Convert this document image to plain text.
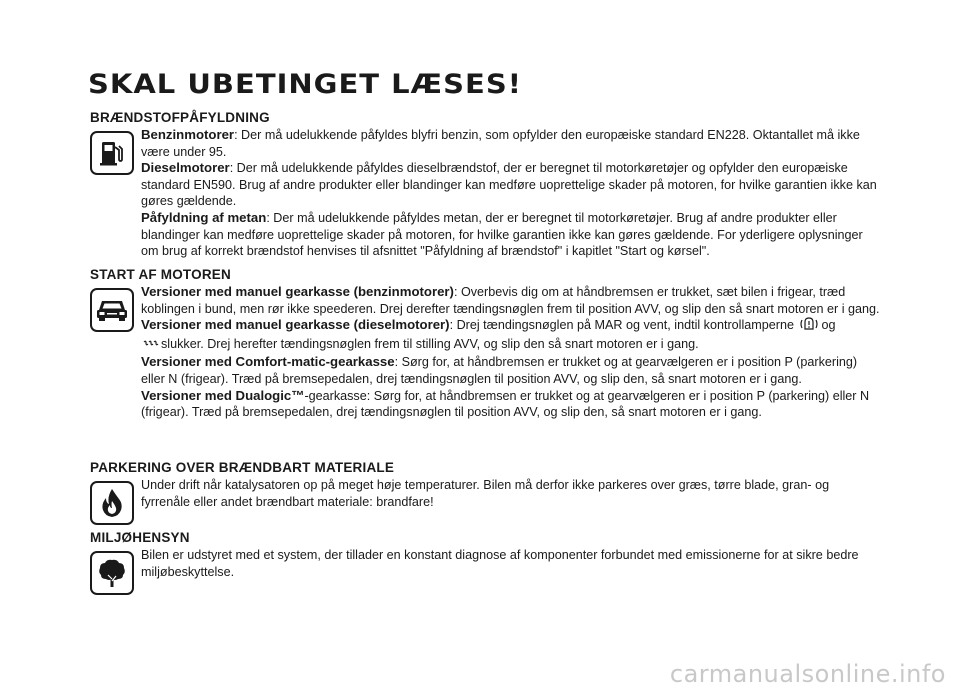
SKAL UBETINGET LÆSES!
BRÆNDSTOFPÅFYLDNING

Benzinmotorer: Der må udelukkende påfyldes blyfri benzin, som opfylder den europæiske standard EN228. Oktantallet må ikke være under 95.

Dieselmotorer: Der må udelukkende påfyldes dieselbrændstof, der er beregnet til motorkøretøjer og opfylder den europæiske standard EN590. Brug af andre produkter eller blandinger kan medføre uoprettelige skader på motoren, for hvilke garantien ikke kan gøres gældende.

Påfyldning af metan: Der må udelukkende påfyldes metan, der er beregnet til motorkøretøjer. Brug af andre produkter eller blandinger kan medføre uoprettelige skader på motoren, for hvilke garantien ikke kan gøres gældende. For yderligere oplysninger om brug af korrekt brændstof henvises til afsnittet "Påfyldning af brændstof" i kapitlet "Start og kørsel".

START AF MOTOREN

Versioner med manuel gearkasse (benzinmotorer): Overbevis dig om at håndbremsen er trukket, sæt bilen i frigear, træd koblingen i bund, men rør ikke speederen. Drej derefter tændingsnøglen frem til position AVV, og slip den så snart motoren er i gang.

Versioner med manuel gearkasse (dieselmotorer): Drej tændingsnøglen på MAR og vent, indtil kontrollamperne og
slukker. Drej herefter tændingsnøglen frem til stilling AVV, og slip den så snart motoren er i gang.

Versioner med Comfort-matic-gearkasse: Sørg for, at håndbremsen er trukket og at gearvælgeren er i position P (parkering) eller N (frigear). Træd på bremsepedalen, drej tændingsnøglen til position AVV, og slip den, så snart motoren er i gang.

Versioner med Dualogic™-gearkasse: Sørg for, at håndbremsen er trukket og at gearvælgeren er i position P (parkering) eller N (frigear). Træd på bremsepedalen, drej tændingsnøglen til position AVV, og slip den, så snart motoren er i gang.

PARKERING OVER BRÆNDBART MATERIALE

Under drift når katalysatoren op på meget høje temperaturer. Bilen må derfor ikke parkeres over græs, tørre blade, gran- og fyrrenåle eller andet brændbart materiale: brandfare!

MILJØHENSYN

Bilen er udstyret med et system, der tillader en konstant diagnose af komponenter forbundet med emissionerne for at sikre bedre miljøbeskyttelse.

carmanualsonline.info
